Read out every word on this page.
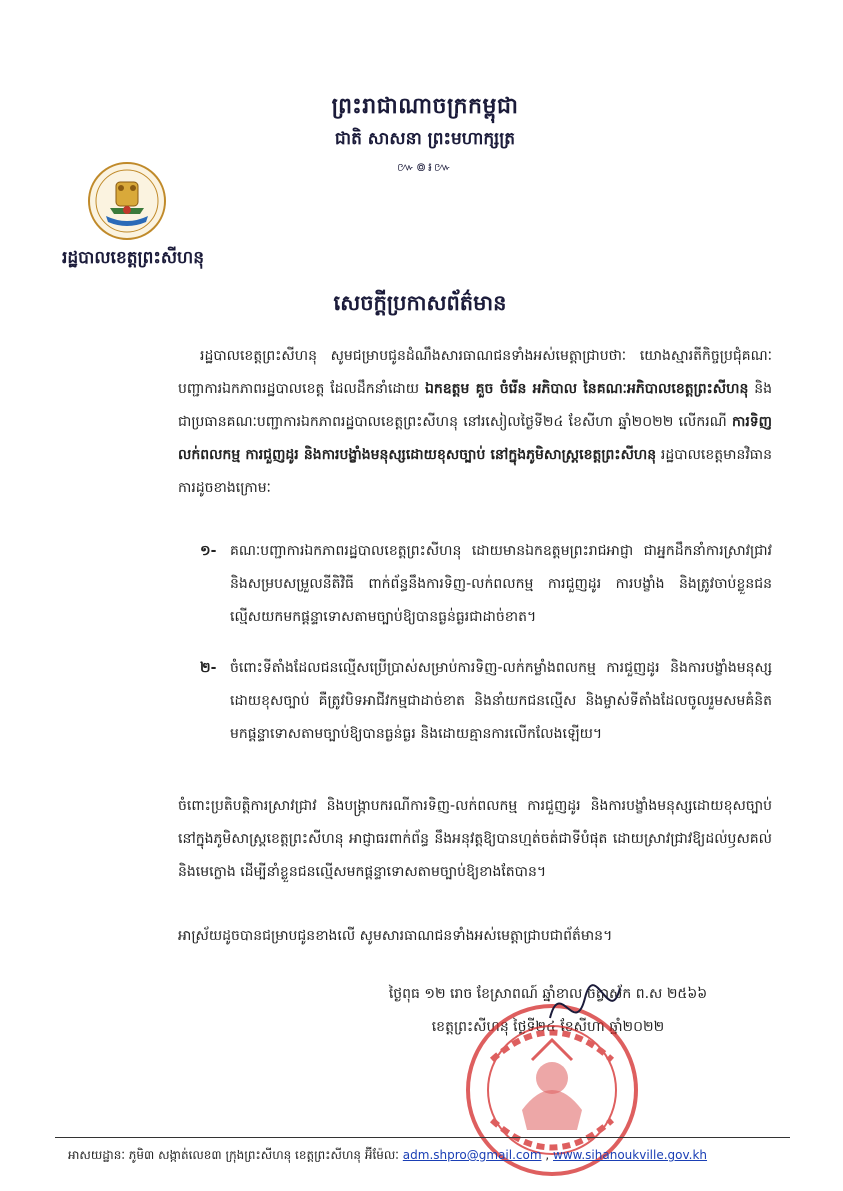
ព្រះរាជាណាចក្រកម្ពុជា
ជាតិ សាសនា ព្រះមហាក្សត្រ
៚៙៛៚
រដ្ឋបាលខេត្តព្រះសីហនុ
សេចក្តីប្រកាសព័ត៌មាន
រដ្ឋបាលខេត្តព្រះសីហនុ សូមជម្រាបជូនដំណឹងសារធាណជនទាំងអស់មេត្តាជ្រាបថាៈ យោងស្មារតីកិច្ចប្រជុំគណៈបញ្ជាការឯកភាពរដ្ឋបាលខេត្ត ដែលដឹកនាំដោយ ឯកឧត្តម គួច ចំរើន អភិបាល នៃគណៈអភិបាលខេត្តព្រះសីហនុ និងជាប្រធានគណៈបញ្ជាការឯកភាពរដ្ឋបាលខេត្តព្រះសីហនុ នៅរសៀលថ្ងៃទី២៤ ខែសីហា ឆ្នាំ២០២២ លើករណី ការទិញលក់ពលកម្ម ការជួញដូរ និងការបង្ខាំងមនុស្សដោយខុសច្បាប់ នៅក្នុងភូមិសាស្ត្រខេត្តព្រះសីហនុ រដ្ឋបាលខេត្តមានវិធានការដូចខាងក្រោមៈ
១- គណៈបញ្ជាការឯកភាពរដ្ឋបាលខេត្តព្រះសីហនុ ដោយមានឯកឧត្តមព្រះរាជអាជ្ញា ជាអ្នកដឹកនាំការស្រាវជ្រាវ និងសម្របសម្រួលនីតិវិធី ពាក់ព័ន្ធនឹងការទិញ-លក់ពលកម្ម ការជួញដូរ ការបង្ខាំង និងត្រូវចាប់ខ្លួនជនល្មើសយកមកផ្តន្ទាទោសតាមច្បាប់ឱ្យបានធ្ងន់ធ្ងរជាដាច់ខាត។
២- ចំពោះទីតាំងដែលជនល្មើសប្រើប្រាស់សម្រាប់ការទិញ-លក់កម្លាំងពលកម្ម ការជួញដូរ និងការបង្ខាំងមនុស្សដោយខុសច្បាប់ គឺត្រូវបិទអាជីវកម្មជាដាច់ខាត និងនាំយកជនល្មើស និងម្ចាស់ទីតាំងដែលចូលរួមសមគំនិត មកផ្តន្ទាទោសតាមច្បាប់ឱ្យបានធ្ងន់ធ្ងរ និងដោយគ្មានការលើកលែងឡើយ។
ចំពោះប្រតិបត្តិការស្រាវជ្រាវ និងបង្ក្រាបករណីការទិញ-លក់ពលកម្ម ការជួញដូរ និងការបង្ខាំងមនុស្សដោយខុសច្បាប់ នៅក្នុងភូមិសាស្ត្រខេត្តព្រះសីហនុ អាជ្ញាធរពាក់ព័ន្ធ នឹងអនុវត្តឱ្យបានហ្មត់ចត់ជាទីបំផុត ដោយស្រាវជ្រាវឱ្យដល់ឫសគល់ និងមេក្លោង ដើម្បីនាំខ្លួនជនល្មើសមកផ្តន្ទាទោសតាមច្បាប់ឱ្យខាងតែបាន។
អាស្រ័យដូចបានជម្រាបជូនខាងលើ សូមសារធាណជនទាំងអស់មេត្តាជ្រាបជាព័ត៌មាន។
ថ្ងៃពុធ ១២ រោច ខែស្រាពណ៍ ឆ្នាំខាល ចត្វាស័ក ព.ស ២៥៦៦
ខេត្តព្រះសីហនុ ថ្ងៃទី២៤ ខែសីហា ឆ្នាំ២០២២
អាសយដ្ឋានៈ ភូមិ៣ សង្កាត់លេខ៣ ក្រុងព្រះសីហនុ ខេត្តព្រះសីហនុ អ៊ីម៉ែលៈ adm.shpro@gmail.com , www.sihanoukville.gov.kh
